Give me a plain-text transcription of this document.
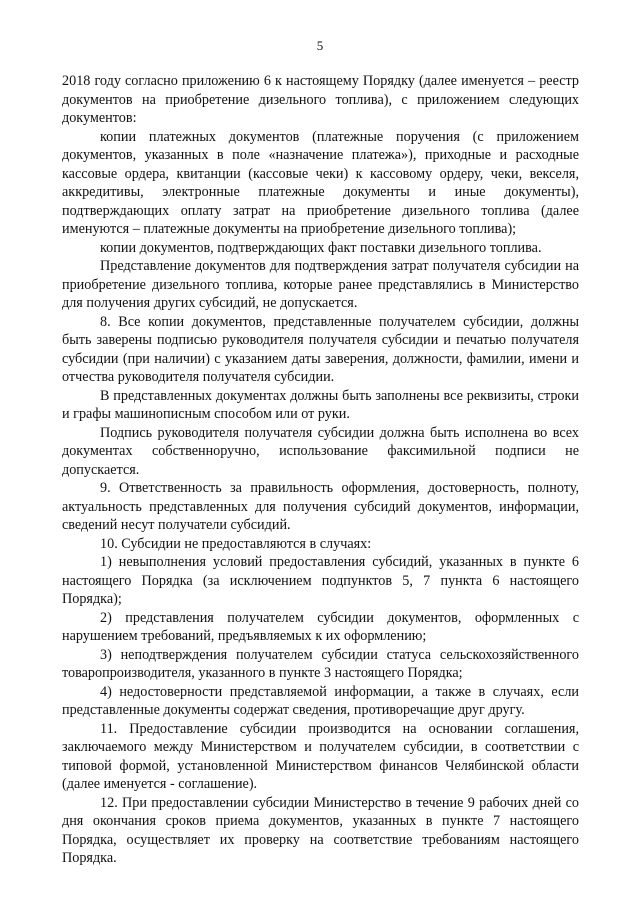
5

2018 году согласно приложению 6 к настоящему Порядку (далее именуется – реестр документов на приобретение дизельного топлива), с приложением следующих документов:

копии платежных документов (платежные поручения (с приложением документов, указанных в поле «назначение платежа»), приходные и расходные кассовые ордера, квитанции (кассовые чеки) к кассовому ордеру, чеки, векселя, аккредитивы, электронные платежные документы и иные документы), подтверждающих оплату затрат на приобретение дизельного топлива (далее именуются – платежные документы на приобретение дизельного топлива);

копии документов, подтверждающих факт поставки дизельного топлива.

Представление документов для подтверждения затрат получателя субсидии на приобретение дизельного топлива, которые ранее представлялись в Министерство для получения других субсидий, не допускается.

8. Все копии документов, представленные получателем субсидии, должны быть заверены подписью руководителя получателя субсидии и печатью получателя субсидии (при наличии) с указанием даты заверения, должности, фамилии, имени и отчества руководителя получателя субсидии.

В представленных документах должны быть заполнены все реквизиты, строки и графы машинописным способом или от руки.

Подпись руководителя получателя субсидии должна быть исполнена во всех документах собственноручно, использование факсимильной подписи не допускается.

9. Ответственность за правильность оформления, достоверность, полноту, актуальность представленных для получения субсидий документов, информации, сведений несут получатели субсидий.

10. Субсидии не предоставляются в случаях:

1) невыполнения условий предоставления субсидий, указанных в пункте 6 настоящего Порядка (за исключением подпунктов 5, 7 пункта 6 настоящего Порядка);

2) представления получателем субсидии документов, оформленных с нарушением требований, предъявляемых к их оформлению;

3) неподтверждения получателем субсидии статуса сельскохозяйственного товаропроизводителя, указанного в пункте 3 настоящего Порядка;

4) недостоверности представляемой информации, а также в случаях, если представленные документы содержат сведения, противоречащие друг другу.

11. Предоставление субсидии производится на основании соглашения, заключаемого между Министерством и получателем субсидии, в соответствии с типовой формой, установленной Министерством финансов Челябинской области (далее именуется - соглашение).

12. При предоставлении субсидии Министерство в течение 9 рабочих дней со дня окончания сроков приема документов, указанных в пункте 7 настоящего Порядка, осуществляет их проверку на соответствие требованиям настоящего Порядка.
